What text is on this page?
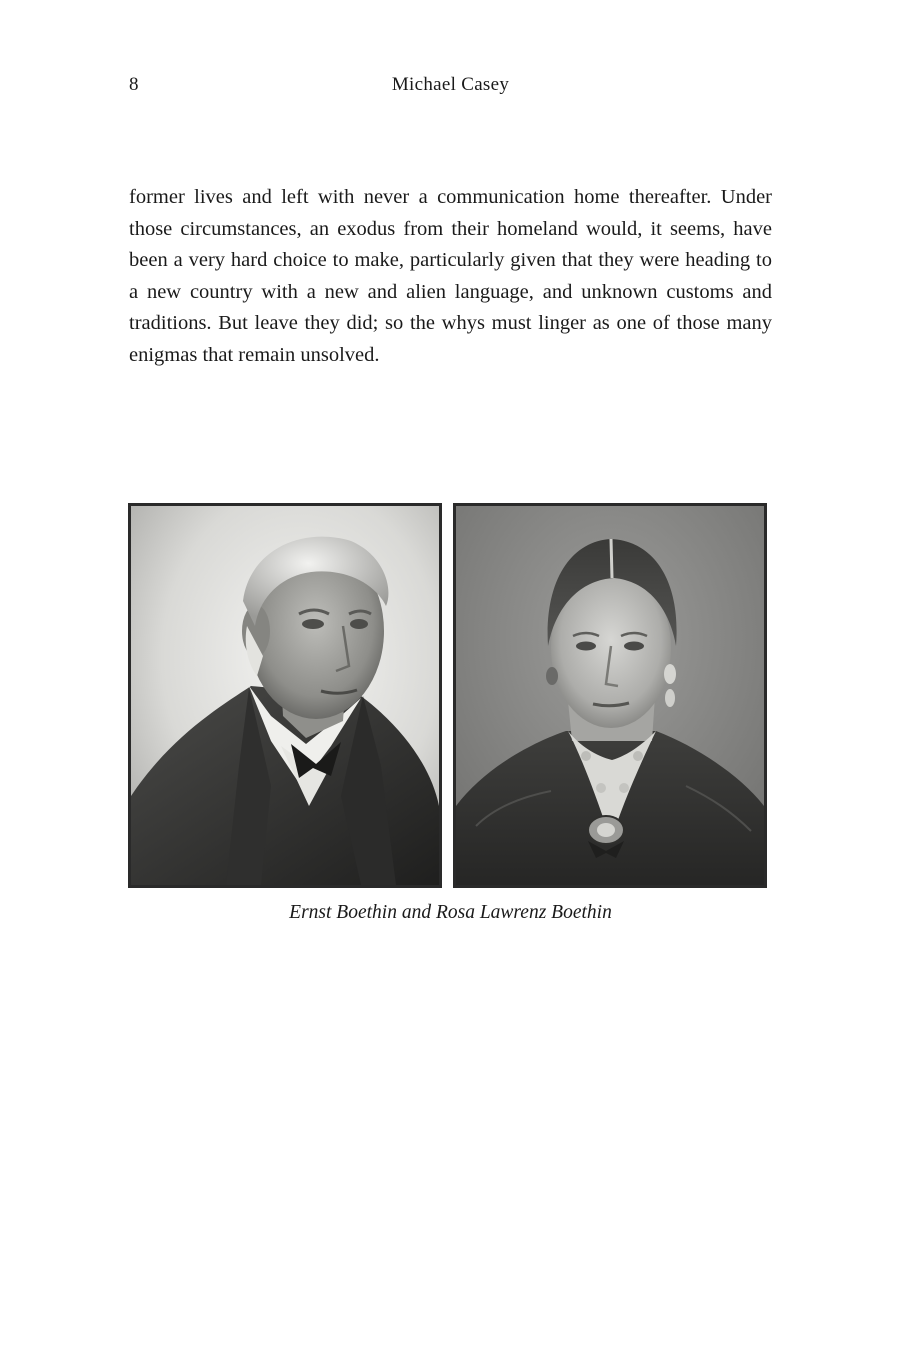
8	Michael Casey

former lives and left with never a communication home thereafter. Under those circumstances, an exodus from their homeland would, it seems, have been a very hard choice to make, particularly given that they were heading to a new country with a new and alien language, and unknown customs and traditions. But leave they did; so the whys must linger as one of those many enigmas that remain unsolved.

Ernst Boethin and Rosa Lawrenz Boethin
